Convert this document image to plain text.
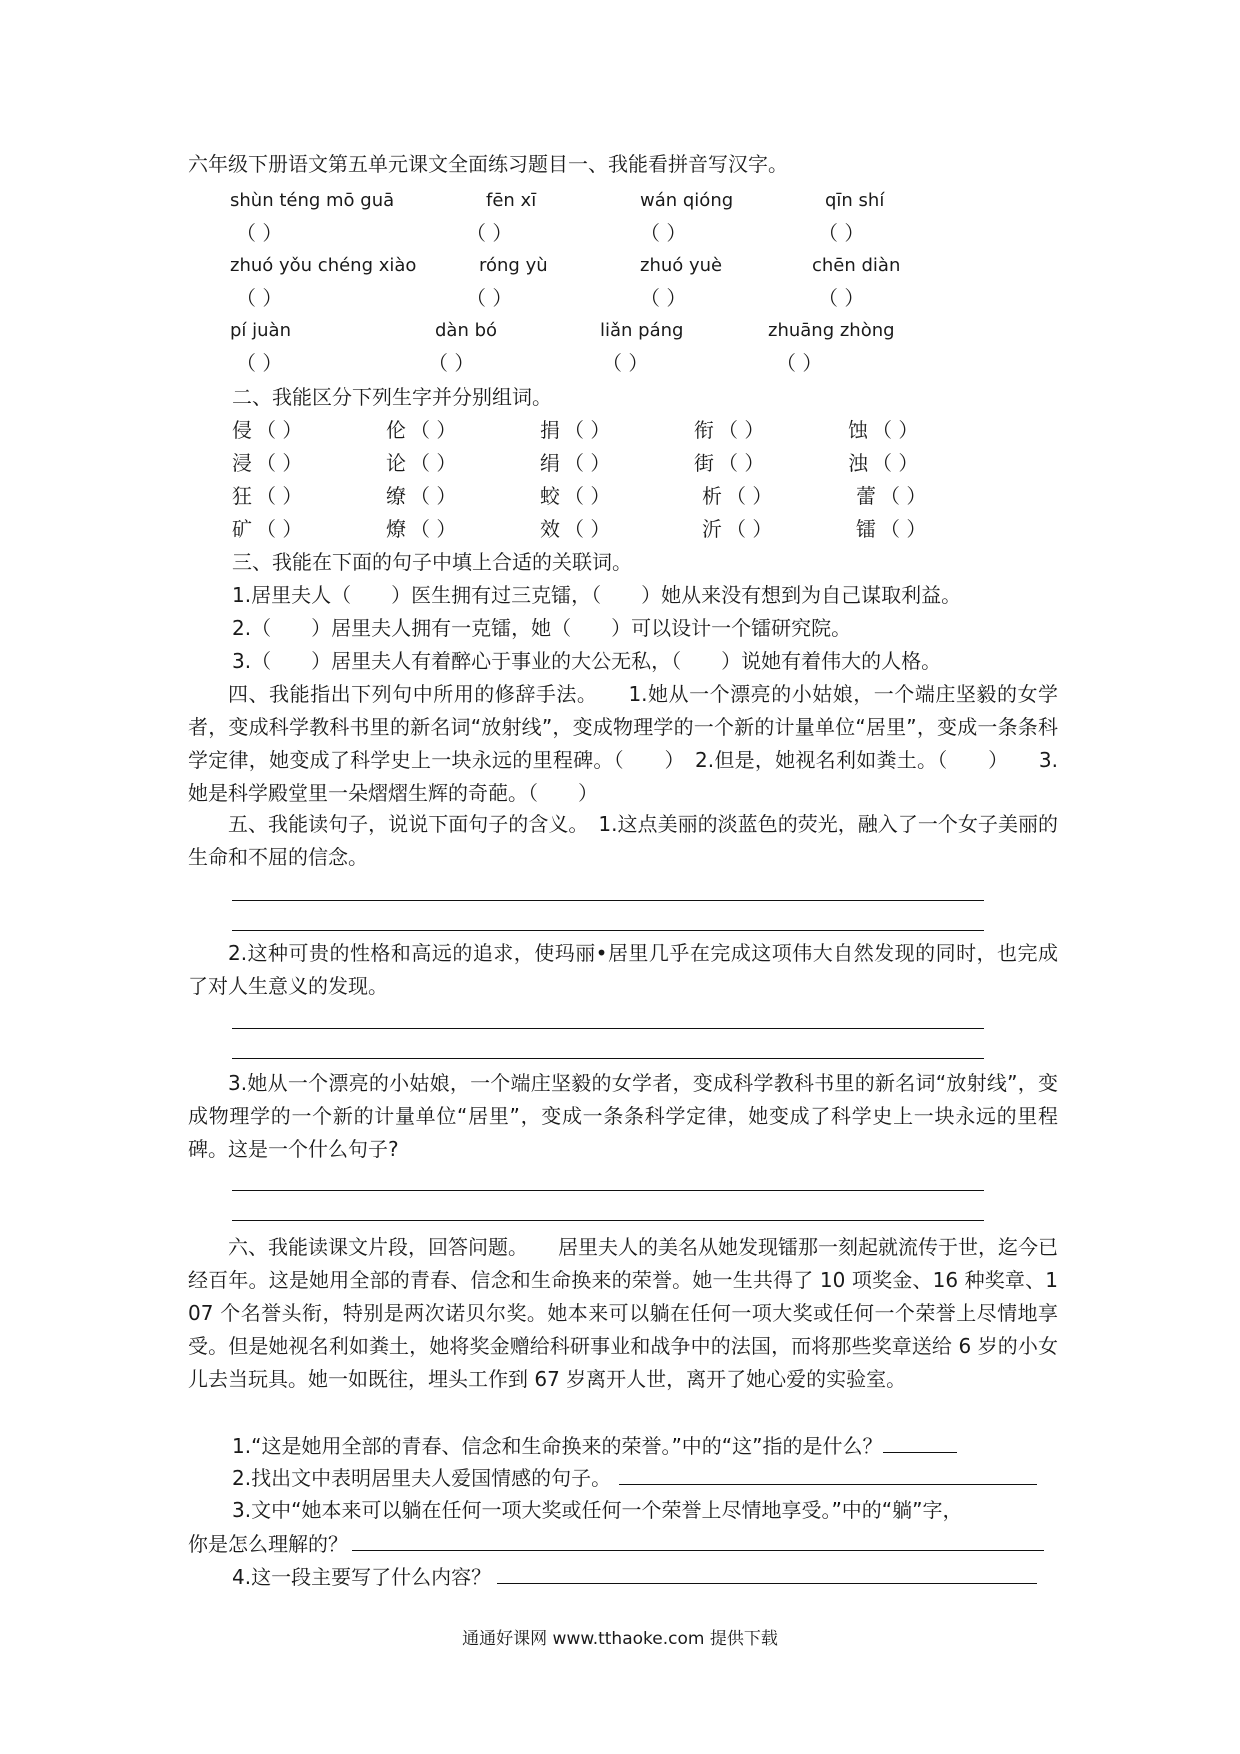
六年级下册语文第五单元课文全面练习题目一、我能看拼音写汉字。
shùn téng mō guā	fēn xī	wán qióng	qīn shí
（ ）	（ ）	（ ）	（ ）
zhuó yǒu chéng xiào	róng yù	zhuó yuè	chēn diàn
（ ）	（ ）	（ ）	（ ）
pí juàn	dàn bó	liǎn páng	zhuāng zhòng
（ ）	（ ）	（ ）	（ ）
二、我能区分下列生字并分别组词。
侵 （ ）	伦 （ ）	捐 （ ）	衔 （ ）	蚀 （ ）
浸 （ ）	论 （ ）	绢 （ ）	街 （ ）	浊 （ ）
狂 （ ）	缭 （ ）	蛟 （ ）	析 （ ）	蕾 （ ）
矿 （ ）	燎 （ ）	效 （ ）	沂 （ ）	镭 （ ）
三、我能在下面的句子中填上合适的关联词。
1.居里夫人（　　）医生拥有过三克镭，（　　）她从来没有想到为自己谋取利益。
2.（　　）居里夫人拥有一克镭，她（　　）可以设计一个镭研究院。
3.（　　）居里夫人有着醉心于事业的大公无私，（　　）说她有着伟大的人格。
四、我能指出下列句中所用的修辞手法。　　1.她从一个漂亮的小姑娘，一个端庄坚毅的女学者，变成科学教科书里的新名词“放射线”，变成物理学的一个新的计量单位“居里”，变成一条条科学定律，她变成了科学史上一块永远的里程碑。（　　）　2.但是，她视名利如粪土。（　　）　　3.她是科学殿堂里一朵熠熠生辉的奇葩。（　　）
五、我能读句子，说说下面句子的含义。　1.这点美丽的淡蓝色的荧光，融入了一个女子美丽的生命和不屈的信念。
2.这种可贵的性格和高远的追求，使玛丽•居里几乎在完成这项伟大自然发现的同时，也完成了对人生意义的发现。
3.她从一个漂亮的小姑娘，一个端庄坚毅的女学者，变成科学教科书里的新名词“放射线”，变成物理学的一个新的计量单位“居里”，变成一条条科学定律，她变成了科学史上一块永远的里程碑。这是一个什么句子?
六、我能读课文片段，回答问题。　　居里夫人的美名从她发现镭那一刻起就流传于世，迄今已经百年。这是她用全部的青春、信念和生命换来的荣誉。她一生共得了 10 项奖金、16 种奖章、107 个名誉头衔，特别是两次诺贝尔奖。她本来可以躺在任何一项大奖或任何一个荣誉上尽情地享受。但是她视名利如粪土，她将奖金赠给科研事业和战争中的法国，而将那些奖章送给 6 岁的小女儿去当玩具。她一如既往，埋头工作到 67 岁离开人世，离开了她心爱的实验室。
1.“这是她用全部的青春、信念和生命换来的荣誉。”中的“这”指的是什么？
2.找出文中表明居里夫人爱国情感的句子。
3.文中“她本来可以躺在任何一项大奖或任何一个荣誉上尽情地享受。”中的“躺”字，
你是怎么理解的？
4.这一段主要写了什么内容？
通通好课网 www.tthaoke.com 提供下载
